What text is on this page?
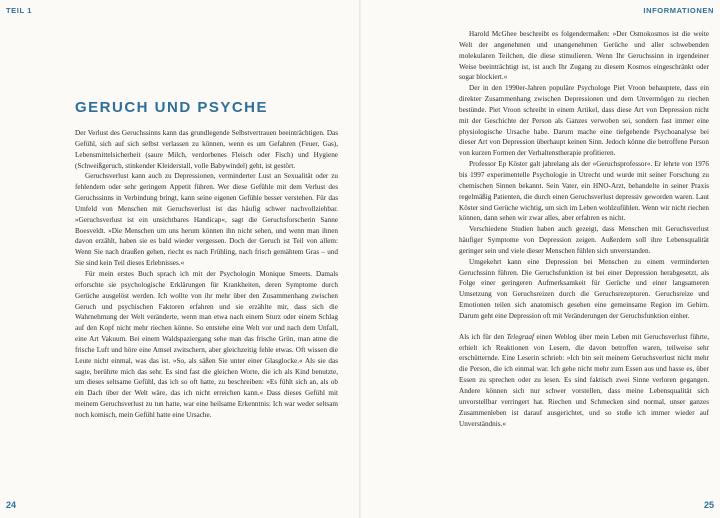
TEIL 1
GERUCH UND PSYCHE

Der Verlust des Geruchssinns kann das grundlegende Selbstvertrauen beeinträchtigen. Das Gefühl, sich auf sich selbst verlassen zu können, wenn es um Gefahren (Feuer, Gas), Lebensmittelsicherheit (saure Milch, verdorbenes Fleisch oder Fisch) und Hygiene (Schweißgeruch, stinkender Kleiderstall, volle Babywindel) geht, ist gestört.

Geruchsverlust kann auch zu Depressionen, verminderter Lust an Sexualität oder zu fehlendem oder sehr geringem Appetit führen. Wer diese Gefühle mit dem Verlust des Geruchssinns in Verbindung bringt, kann seine eigenen Gefühle besser verstehen. Für das Umfeld von Menschen mit Geruchsverlust ist das häufig schwer nachvollziehbar. »Geruchsverlust ist ein unsichtbares Handicap«, sagt die Geruchsforscherin Sanne Boesveldt. »Die Menschen um uns herum können ihn nicht sehen, und wenn man ihnen davon erzählt, haben sie es bald wieder vergessen. Doch der Geruch ist Teil von allem: Wenn Sie nach draußen gehen, riecht es nach Frühling, nach frisch gemähtem Gras – und Sie sind kein Teil dieses Erlebnisses.«

Für mein erstes Buch sprach ich mit der Psychologin Monique Smeets. Damals erforschte sie psychologische Erklärungen für Krankheiten, deren Symptome durch Gerüche ausgelöst werden. Ich wollte von ihr mehr über den Zusammenhang zwischen Geruch und psychischen Faktoren erfahren und sie erzählte mir, dass sich die Wahrnehmung der Welt veränderte, wenn man etwa nach einem Sturz oder einem Schlag auf den Kopf nicht mehr riechen könne. So entstehe eine Welt vor und nach dem Unfall, eine Art Vakuum. Bei einem Waldspaziergang sehe man das frische Grün, man atme die frische Luft und höre eine Amsel zwitschern, aber gleichzeitig fehle etwas. Oft wissen die Leute nicht einmal, was das ist. »So, als säßen Sie unter einer Glasglocke.« Als sie das sagte, berührte mich das sehr. Es sind fast die gleichen Worte, die ich als Kind benutzte, um dieses seltsame Gefühl, das ich so oft hatte, zu beschreiben: »Es fühlt sich an, als ob ein Dach über der Welt wäre, das ich nicht erreichen kann.« Dass dieses Gefühl mit meinem Geruchsverlust zu tun hatte, war eine heilsame Erkenntnis: Ich war weder seltsam noch komisch, mein Gefühl hatte eine Ursache.

24
INFORMATIONEN

Harold McGhee beschreibt es folgendermaßen: »Der Osmokosmos ist die weite Welt der angenehmen und unangenehmen Gerüche und aller schwebenden molekularen Teilchen, die diese stimulieren. Wenn Ihr Geruchssinn in irgendeiner Weise beeinträchtigt ist, ist auch Ihr Zugang zu diesem Kosmos eingeschränkt oder sogar blockiert.«

Der in den 1990er-Jahren populäre Psychologe Piet Vroon behauptete, dass ein direkter Zusammenhang zwischen Depressionen und dem Unvermögen zu riechen bestünde. Piet Vroon schreibt in einem Artikel, dass diese Art von Depression nicht mit der Geschichte der Person als Ganzes verwoben sei, sondern fast immer eine physiologische Ursache habe. Darum mache eine tiefgehende Psychoanalyse bei dieser Art von Depression überhaupt keinen Sinn. Jedoch könne die betroffene Person von kurzen Formen der Verhaltenstherapie profitieren.

Professor Ep Köster galt jahrelang als der »Geruchsprofessor«. Er lehrte von 1976 bis 1997 experimentelle Psychologie in Utrecht und wurde mit seiner Forschung zu chemischen Sinnen bekannt. Sein Vater, ein HNO-Arzt, behandelte in seiner Praxis regelmäßig Patienten, die durch einen Geruchsverlust depressiv geworden waren. Laut Köster sind Gerüche wichtig, um sich im Leben wohlzufühlen. Wenn wir nicht riechen können, dann sehen wir zwar alles, aber erfahren es nicht.

Verschiedene Studien haben auch gezeigt, dass Menschen mit Geruchsverlust häufiger Symptome von Depression zeigen. Außerdem soll ihre Lebensqualität geringer sein und viele dieser Menschen fühlen sich unverstanden.

Umgekehrt kann eine Depression bei Menschen zu einem verminderten Geruchssinn führen. Die Geruchsfunktion ist bei einer Depression herabgesetzt, als Folge einer geringeren Aufmerksamkeit für Gerüche und einer langsameren Umsetzung von Geruchsreizen durch die Geruchsrezeptoren. Geruchsreize und Emotionen teilen sich anatomisch gesehen eine gemeinsame Region im Gehirn. Darum geht eine Depression oft mit Veränderungen der Geruchsfunktion einher.

Als ich für den Telegraaf einen Weblog über mein Leben mit Geruchsverlust führte, erhielt ich Reaktionen von Lesern, die davon betroffen waren, teilweise sehr erschütternde. Eine Leserin schrieb: »Ich bin seit meinem Geruchsverlust nicht mehr die Person, die ich einmal war. Ich gehe nicht mehr zum Essen aus und hasse es, über Essen zu sprechen oder zu lesen. Es sind faktisch zwei Sinne verloren gegangen. Andere können sich nur schwer vorstellen, dass meine Lebensqualität sich unvorstellbar verringert hat. Riechen und Schmecken sind normal, unser ganzes Zusammenleben ist darauf ausgerichtet, und so stoße ich immer wieder auf Unverständnis.«

25
